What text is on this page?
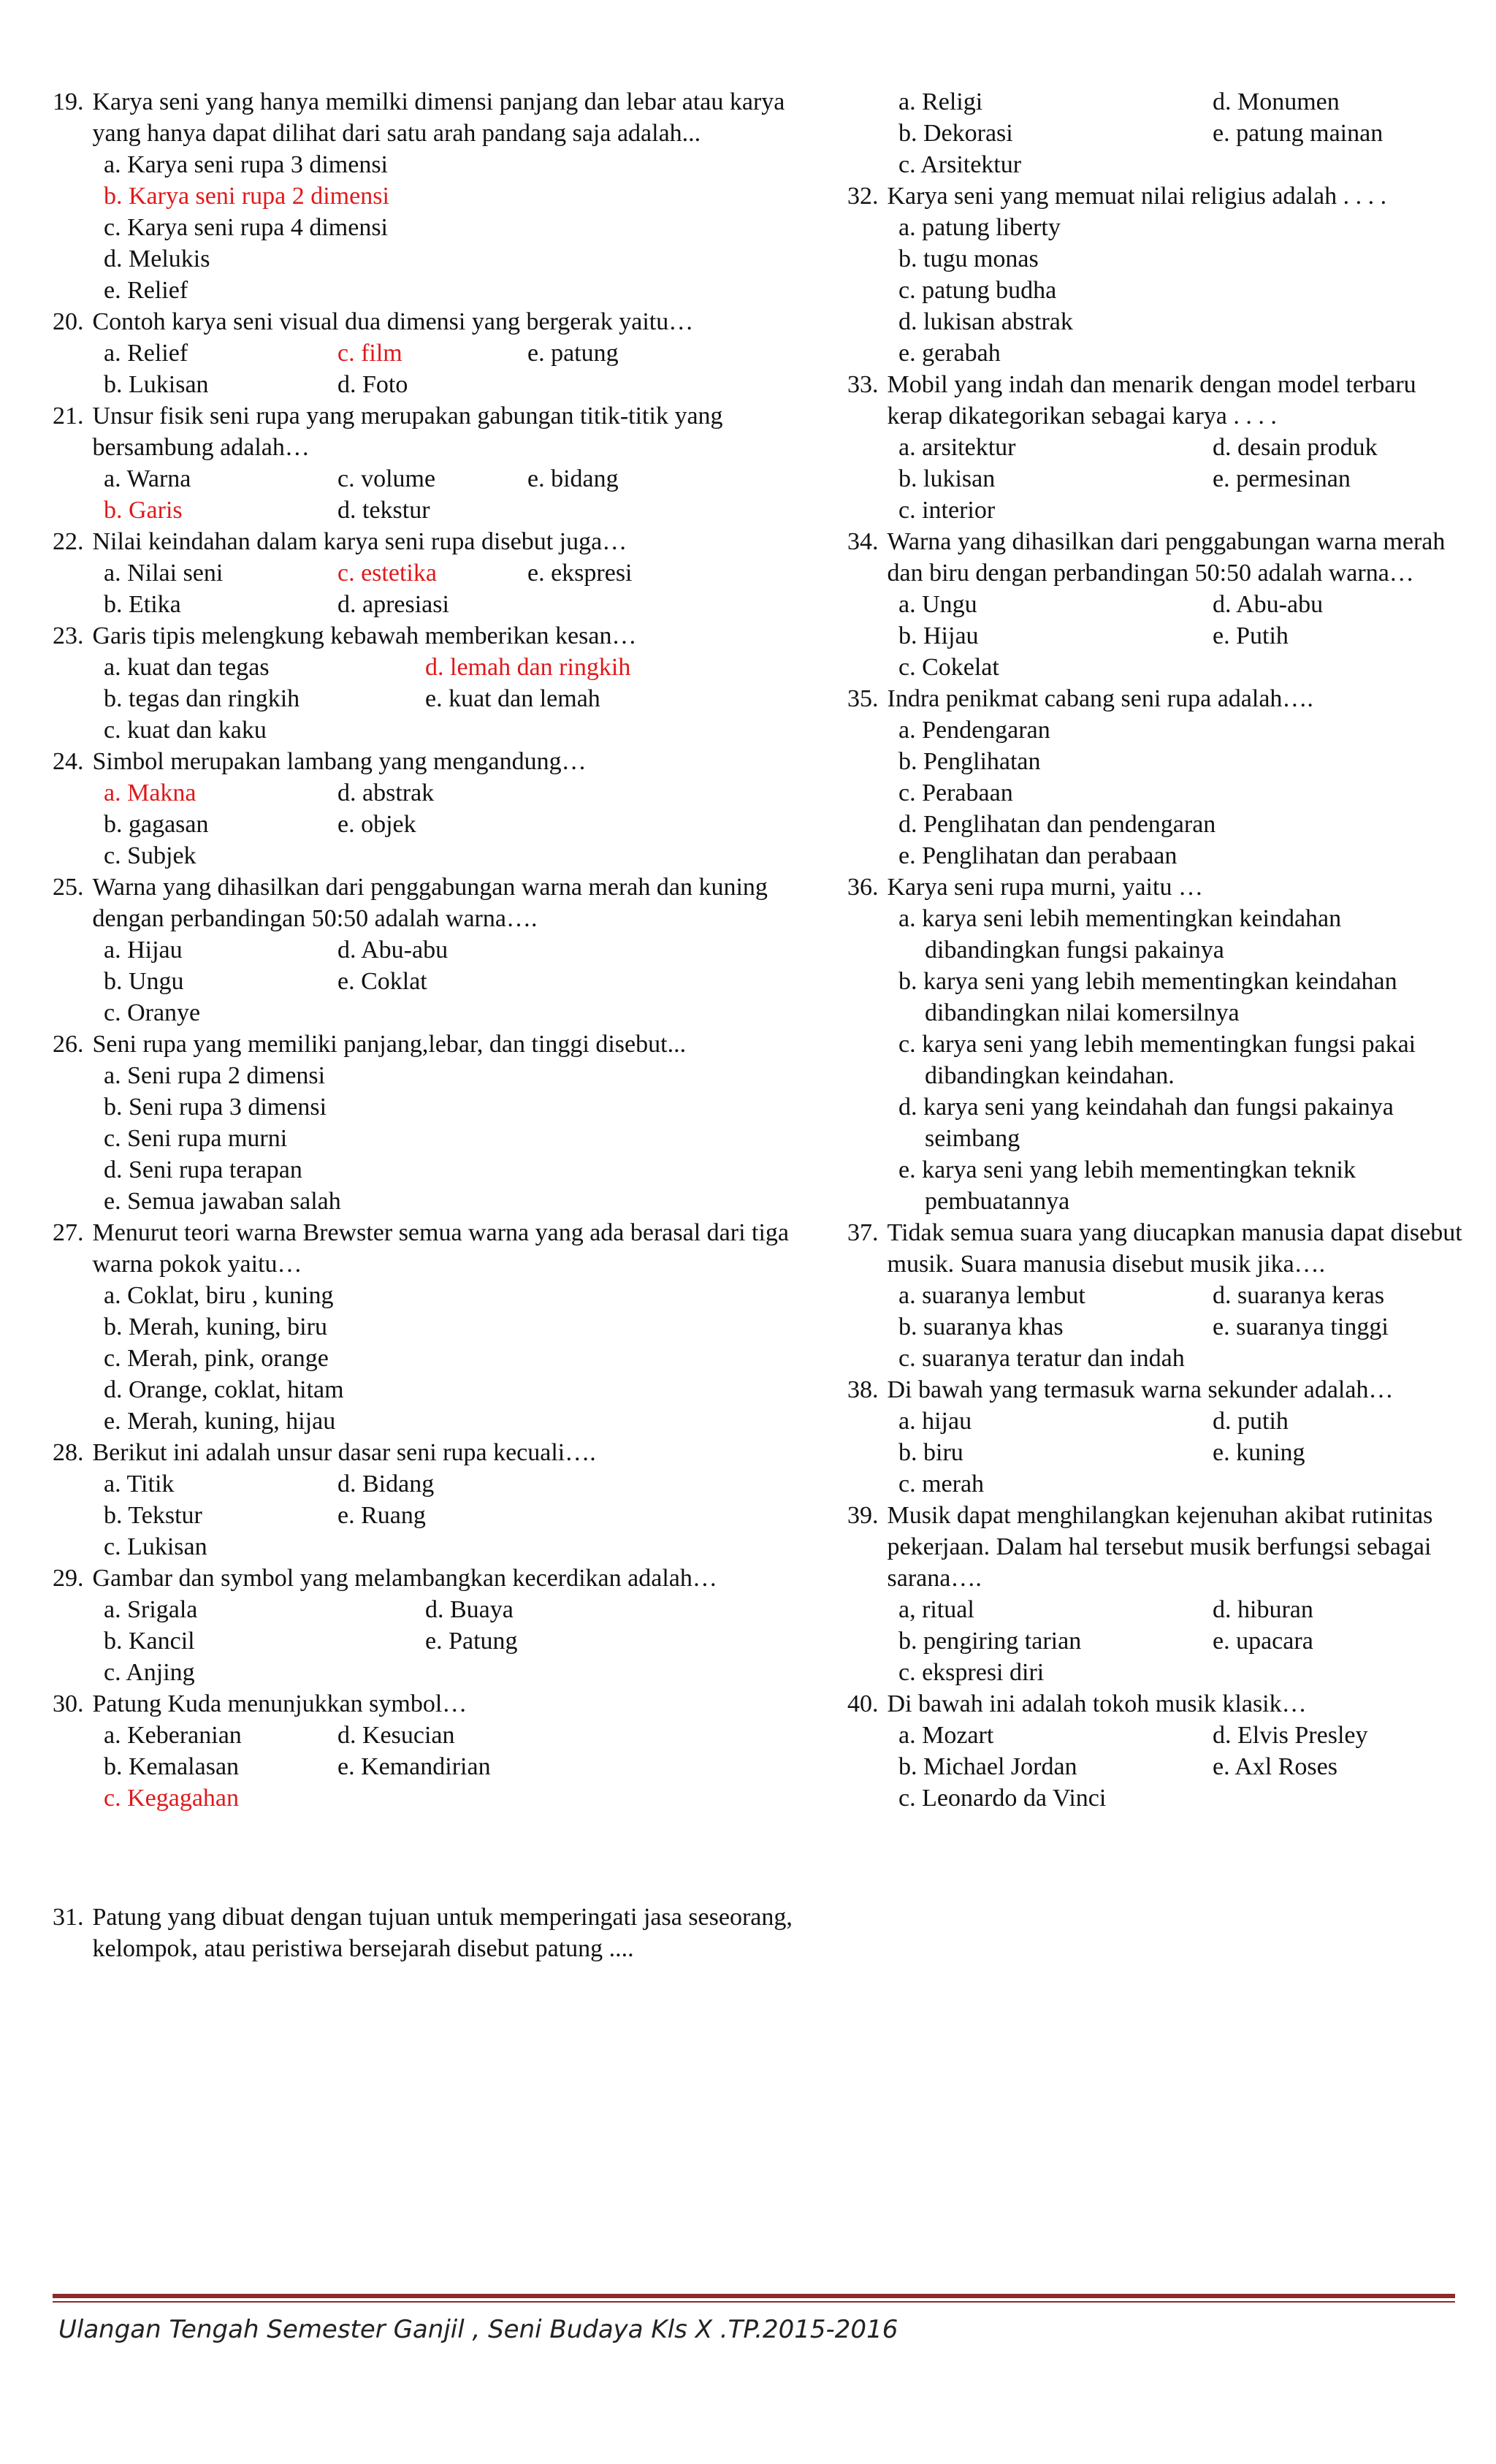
19. Karya seni yang hanya memilki dimensi panjang dan lebar atau karya yang hanya dapat dilihat dari satu arah pandang saja adalah...
a. Karya seni rupa 3 dimensi
b. Karya seni rupa 2 dimensi
c. Karya seni rupa 4 dimensi
d. Melukis
e. Relief
20. Contoh karya seni visual dua dimensi yang bergerak yaitu…
a. Relief	c. film	e. patung
b. Lukisan	d. Foto
21. Unsur fisik seni rupa yang merupakan gabungan titik-titik yang bersambung adalah…
a. Warna	c. volume	e. bidang
b. Garis	d. tekstur
22. Nilai keindahan dalam karya seni rupa disebut juga…
a. Nilai seni	c. estetika	e. ekspresi
b. Etika	d. apresiasi
23. Garis tipis melengkung kebawah memberikan kesan…
a. kuat dan tegas	d. lemah dan ringkih
b. tegas dan ringkih	e. kuat dan lemah
c. kuat dan kaku
24. Simbol merupakan lambang yang mengandung…
a. Makna	d. abstrak
b. gagasan	e. objek
c. Subjek
25. Warna yang dihasilkan dari penggabungan warna merah dan kuning dengan perbandingan 50:50 adalah warna….
a. Hijau	d. Abu-abu
b. Ungu	e. Coklat
c. Oranye
26. Seni rupa yang memiliki panjang,lebar, dan tinggi disebut...
a. Seni rupa 2 dimensi
b. Seni rupa 3 dimensi
c. Seni rupa murni
d. Seni rupa terapan
e. Semua jawaban salah
27. Menurut teori warna Brewster semua warna yang ada berasal dari tiga warna pokok yaitu…
a. Coklat, biru , kuning
b. Merah, kuning, biru
c. Merah, pink, orange
d. Orange, coklat, hitam
e. Merah, kuning, hijau
28. Berikut ini adalah unsur dasar seni rupa kecuali….
a. Titik	d. Bidang
b. Tekstur	e. Ruang
c. Lukisan
29. Gambar dan symbol yang melambangkan kecerdikan adalah…
a. Srigala	d. Buaya
b. Kancil	e. Patung
c. Anjing
30. Patung Kuda menunjukkan symbol…
a. Keberanian	d. Kesucian
b. Kemalasan	e. Kemandirian
c. Kegagahan
31. Patung yang dibuat dengan tujuan untuk memperingati jasa seseorang, kelompok, atau peristiwa bersejarah disebut patung ....
a. Religi	d. Monumen
b. Dekorasi	e. patung mainan
c. Arsitektur
32. Karya seni yang memuat nilai religius adalah . . . .
a. patung liberty
b. tugu monas
c. patung budha
d. lukisan abstrak
e. gerabah
33. Mobil yang indah dan menarik dengan model terbaru kerap dikategorikan sebagai karya . . . .
a. arsitektur	d. desain produk
b. lukisan	e. permesinan
c. interior
34. Warna yang dihasilkan dari penggabungan warna merah dan biru dengan perbandingan 50:50 adalah warna…
a. Ungu	d. Abu-abu
b. Hijau	e. Putih
c. Cokelat
35. Indra penikmat cabang seni rupa adalah….
a. Pendengaran
b. Penglihatan
c. Perabaan
d. Penglihatan dan pendengaran
e. Penglihatan dan perabaan
36. Karya seni rupa murni, yaitu …
a. karya seni lebih mementingkan keindahan dibandingkan fungsi pakainya
b. karya seni yang lebih mementingkan keindahan dibandingkan nilai komersilnya
c. karya seni yang lebih mementingkan fungsi pakai dibandingkan keindahan.
d. karya seni yang keindahah dan fungsi pakainya seimbang
e. karya seni yang lebih mementingkan teknik pembuatannya
37. Tidak semua suara yang diucapkan manusia dapat disebut musik. Suara manusia disebut musik jika….
a. suaranya lembut	d. suaranya keras
b. suaranya khas	e. suaranya tinggi
c. suaranya teratur dan indah
38. Di bawah yang termasuk warna sekunder adalah…
a. hijau	d. putih
b. biru	e. kuning
c. merah
39. Musik dapat menghilangkan kejenuhan akibat rutinitas pekerjaan. Dalam hal tersebut musik berfungsi sebagai sarana….
a, ritual	d. hiburan
b. pengiring tarian	e. upacara
c. ekspresi diri
40. Di bawah ini adalah tokoh musik klasik…
a. Mozart	d. Elvis Presley
b. Michael Jordan	e. Axl Roses
c. Leonardo da Vinci
Ulangan Tengah Semester Ganjil , Seni Budaya Kls X .TP.2015-2016
